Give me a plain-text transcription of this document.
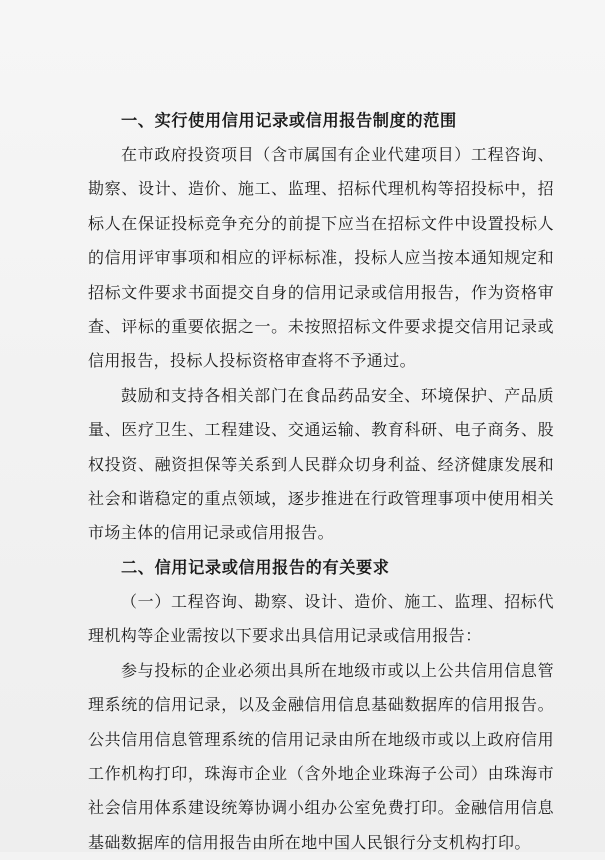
一、实行使用信用记录或信用报告制度的范围

在市政府投资项目（含市属国有企业代建项目）工程咨询、勘察、设计、造价、施工、监理、招标代理机构等招投标中，招标人在保证投标竞争充分的前提下应当在招标文件中设置投标人的信用评审事项和相应的评标标准，投标人应当按本通知规定和招标文件要求书面提交自身的信用记录或信用报告，作为资格审查、评标的重要依据之一。未按照招标文件要求提交信用记录或信用报告，投标人投标资格审查将不予通过。

鼓励和支持各相关部门在食品药品安全、环境保护、产品质量、医疗卫生、工程建设、交通运输、教育科研、电子商务、股权投资、融资担保等关系到人民群众切身利益、经济健康发展和社会和谐稳定的重点领域，逐步推进在行政管理事项中使用相关市场主体的信用记录或信用报告。

二、信用记录或信用报告的有关要求

（一）工程咨询、勘察、设计、造价、施工、监理、招标代理机构等企业需按以下要求出具信用记录或信用报告：

参与投标的企业必须出具所在地级市或以上公共信用信息管理系统的信用记录，以及金融信用信息基础数据库的信用报告。公共信用信息管理系统的信用记录由所在地级市或以上政府信用工作机构打印，珠海市企业（含外地企业珠海子公司）由珠海市社会信用体系建设统筹协调小组办公室免费打印。金融信用信息基础数据库的信用报告由所在地中国人民银行分支机构打印。
